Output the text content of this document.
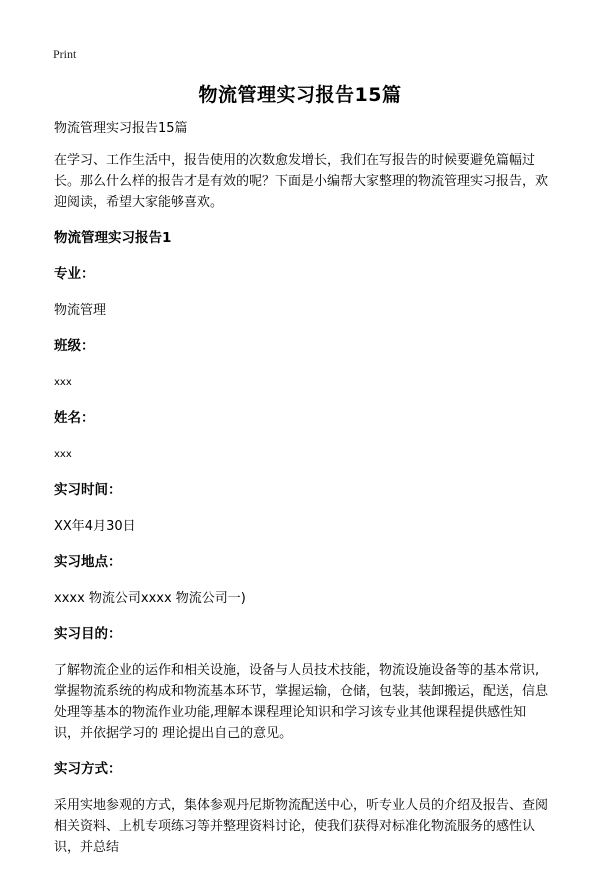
Print
物流管理实习报告15篇

物流管理实习报告15篇

在学习、工作生活中，报告使用的次数愈发增长，我们在写报告的时候要避免篇幅过长。那么什么样的报告才是有效的呢？下面是小编帮大家整理的物流管理实习报告，欢迎阅读，希望大家能够喜欢。

物流管理实习报告1

专业：

物流管理

班级：

xxx

姓名：

xxx

实习时间：

XX年4月30日

实习地点：

xxxx 物流公司xxxx 物流公司一)

实习目的：

了解物流企业的运作和相关设施，设备与人员技术技能，物流设施设备等的基本常识,掌握物流系统的构成和物流基本环节，掌握运输，仓储，包装，装卸搬运，配送，信息处理等基本的物流作业功能,理解本课程理论知识和学习该专业其他课程提供感性知识，并依据学习的 理论提出自己的意见。

实习方式：

采用实地参观的方式，集体参观丹尼斯物流配送中心，听专业人员的介绍及报告、查阅相关资料、上机专项练习等并整理资料讨论，使我们获得对标准化物流服务的感性认识，并总结
